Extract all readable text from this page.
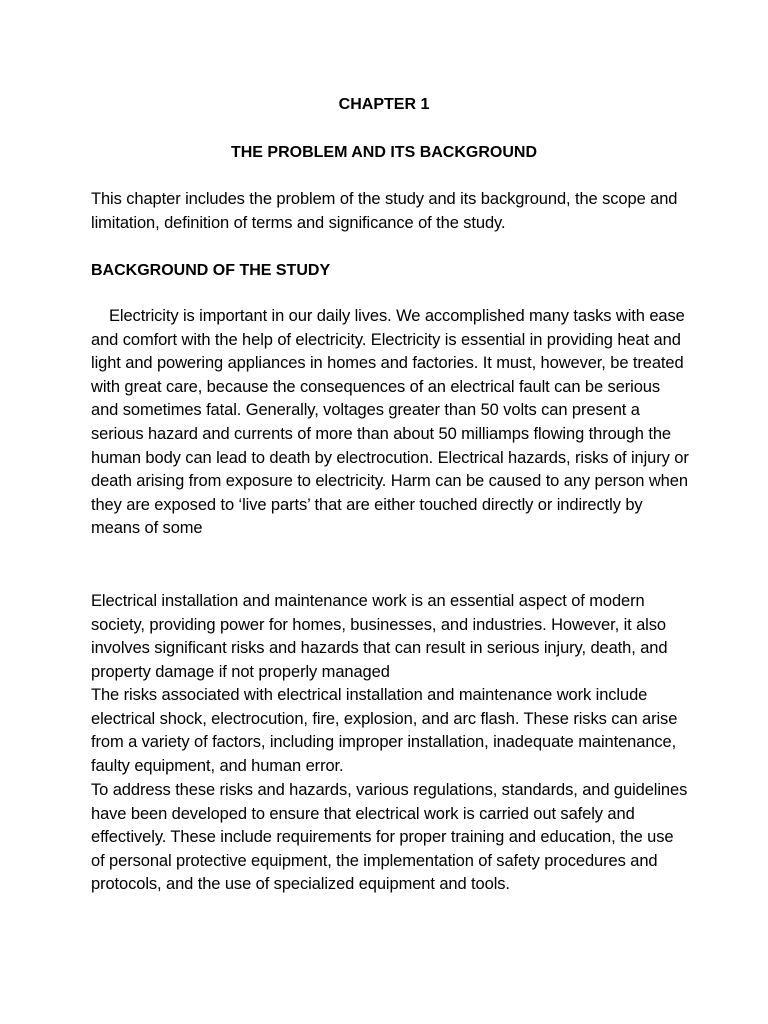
CHAPTER 1

THE PROBLEM AND ITS BACKGROUND

This chapter includes the problem of the study and its background, the scope and limitation, definition of terms and significance of the study.

BACKGROUND OF THE STUDY

Electricity is important in our daily lives. We accomplished many tasks with ease and comfort with the help of electricity. Electricity is essential in providing heat and light and powering appliances in homes and factories. It must, however, be treated with great care, because the consequences of an electrical fault can be serious and sometimes fatal. Generally, voltages greater than 50 volts can present a serious hazard and currents of more than about 50 milliamps flowing through the human body can lead to death by electrocution. Electrical hazards, risks of injury or death arising from exposure to electricity. Harm can be caused to any person when they are exposed to ‘live parts’ that are either touched directly or indirectly by means of some

Electrical installation and maintenance work is an essential aspect of modern society, providing power for homes, businesses, and industries. However, it also involves significant risks and hazards that can result in serious injury, death, and property damage if not properly managed

The risks associated with electrical installation and maintenance work include electrical shock, electrocution, fire, explosion, and arc flash. These risks can arise from a variety of factors, including improper installation, inadequate maintenance, faulty equipment, and human error.

To address these risks and hazards, various regulations, standards, and guidelines have been developed to ensure that electrical work is carried out safely and effectively. These include requirements for proper training and education, the use of personal protective equipment, the implementation of safety procedures and protocols, and the use of specialized equipment and tools.
